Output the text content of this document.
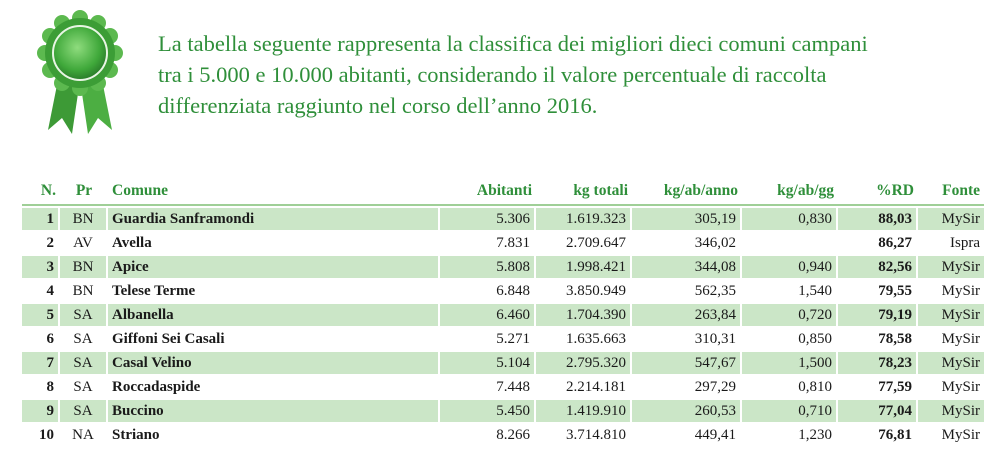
La tabella seguente rappresenta la classifica dei migliori dieci comuni campani

tra i 5.000 e 10.000 abitanti, considerando il valore percentuale di raccolta

differenziata raggiunto nel corso dell’anno 2016.

N.	Pr	Comune	Abitanti	kg totali	kg/ab/anno	kg/ab/gg	%RD	Fonte
1	BN	Guardia Sanframondi	5.306	1.619.323	305,19	0,830	88,03	MySir
2	AV	Avella	7.831	2.709.647	346,02		86,27	Ispra
3	BN	Apice	5.808	1.998.421	344,08	0,940	82,56	MySir
4	BN	Telese Terme	6.848	3.850.949	562,35	1,540	79,55	MySir
5	SA	Albanella	6.460	1.704.390	263,84	0,720	79,19	MySir
6	SA	Giffoni Sei Casali	5.271	1.635.663	310,31	0,850	78,58	MySir
7	SA	Casal Velino	5.104	2.795.320	547,67	1,500	78,23	MySir
8	SA	Roccadaspide	7.448	2.214.181	297,29	0,810	77,59	MySir
9	SA	Buccino	5.450	1.419.910	260,53	0,710	77,04	MySir
10	NA	Striano	8.266	3.714.810	449,41	1,230	76,81	MySir
